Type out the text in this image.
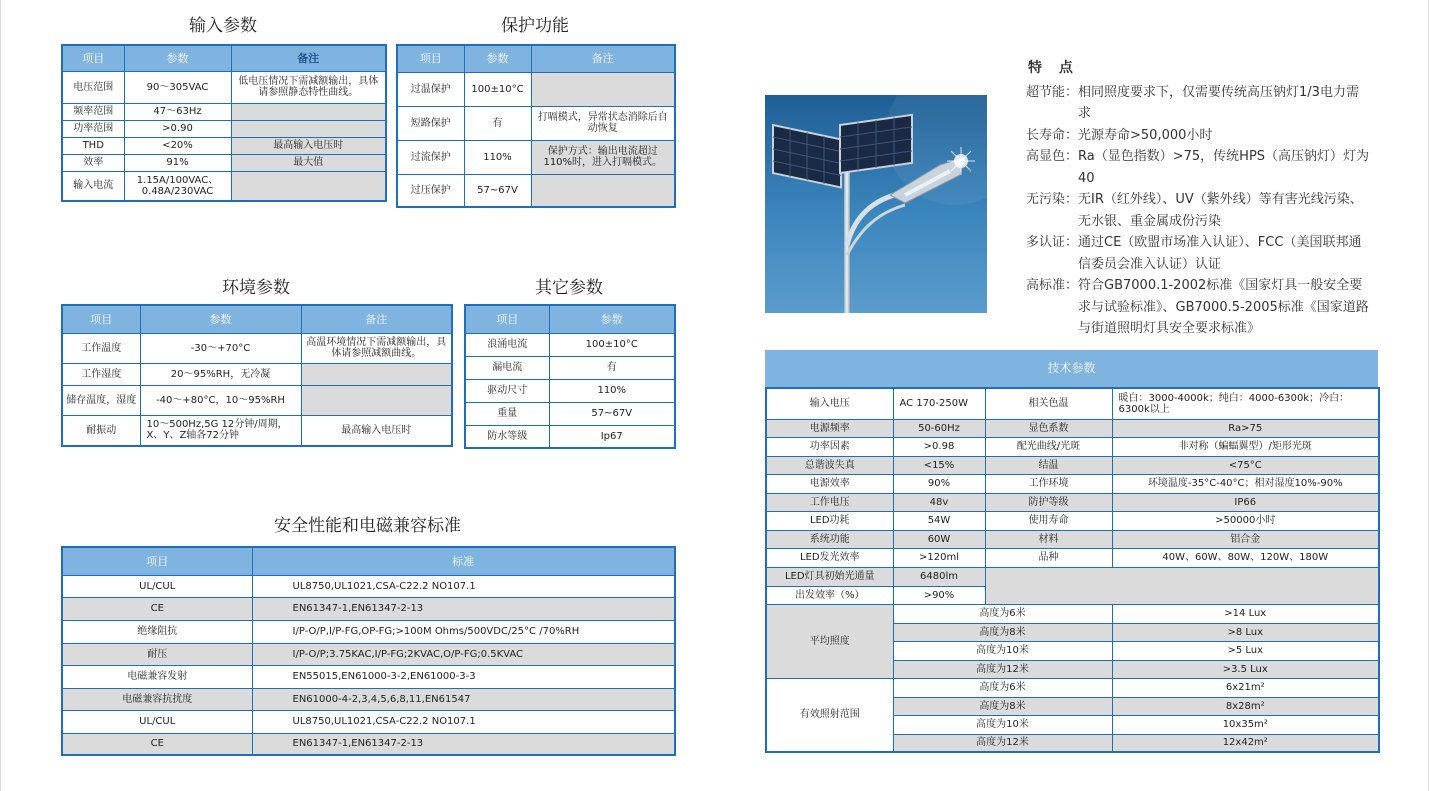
输入参数
项目	参数	备注
电压范围	90～305VAC	低电压情况下需减额输出，具体请参照静态特性曲线。
频率范围	47～63Hz	
功率范围	>0.90	
THD	<20%	最高输入电压时
效率	91%	最大值
输入电流	1.15A/100VAC、0.48A/230VAC	
保护功能
项目	参数	备注
过温保护	100±10°C	
短路保护	有	打嗝模式，异常状态消除后自动恢复
过流保护	110%	保护方式：输出电流超过110%时，进入打嗝模式。
过压保护	57~67V	
环境参数
项目	参数	备注
工作温度	-30～+70°C	高温环境情况下需减额输出，具体请参照减额曲线。
工作湿度	20～95%RH，无冷凝	
储存温度，湿度	-40～+80°C，10～95%RH	
耐振动	10～500Hz,5G 12分钟/周期，X、Y、Z轴各72分钟	最高输入电压时
其它参数
项目	参数
浪涌电流	100±10°C
漏电流	有
驱动尺寸	110%
重量	57~67V
防水等级	Ip67
安全性能和电磁兼容标准
项目	标准
UL/CUL	UL8750,UL1021,CSA-C22.2 NO107.1
CE	EN61347-1,EN61347-2-13
绝缘阻抗	I/P-O/P,I/P-FG,OP-FG;>100M Ohms/500VDC/25°C /70%RH
耐压	I/P-O/P;3.75KAC,I/P-FG;2KVAC,O/P-FG;0.5KVAC
电磁兼容发射	EN55015,EN61000-3-2,EN61000-3-3
电磁兼容抗扰度	EN61000-4-2,3,4,5,6,8,11,EN61547
UL/CUL	UL8750,UL1021,CSA-C22.2 NO107.1
CE	EN61347-1,EN61347-2-13
特 点
超节能： 相同照度要求下，仅需要传统高压钠灯1/3电力需求
长寿命： 光源寿命>50,000小时
高显色： Ra（显色指数）>75，传统HPS（高压钠灯）灯为40
无污染： 无IR（红外线）、UV（紫外线）等有害光线污染、无水银、重金属成份污染
多认证： 通过CE（欧盟市场准入认证）、FCC（美国联邦通信委员会准入认证）认证
高标准： 符合GB7000.1-2002标准《国家灯具一般安全要求与试验标准》、GB7000.5-2005标准《国家道路与街道照明灯具安全要求标准》
技术参数
输入电压	AC 170-250W	相关色温	暖白：3000-4000k；纯白：4000-6300k；冷白：6300k以上
电源频率	50-60Hz	显色系数	Ra>75
功率因素	>0.98	配光曲线/光斑	非对称（蝙蝠翼型）/矩形光斑
总谐波失真	<15%	结温	<75°C
电源效率	90%	工作环境	环境温度-35°C-40°C；相对湿度10%-90%
工作电压	48v	防护等级	IP66
LED功耗	54W	使用寿命	>50000小时
系统功能	60W	材料	铝合金
LED发光效率	>120ml	品种	40W、60W、80W、120W、180W
LED灯具初始光通量	6480lm		
出发效率（%）	>90%		
平均照度	高度为6米		>14 Lux
	高度为8米		>8 Lux
	高度为10米		>5 Lux
	高度为12米		>3.5 Lux
有效照射范围	高度为6米		6x21m²
	高度为8米		8x28m²
	高度为10米		10x35m²
	高度为12米		12x42m²
